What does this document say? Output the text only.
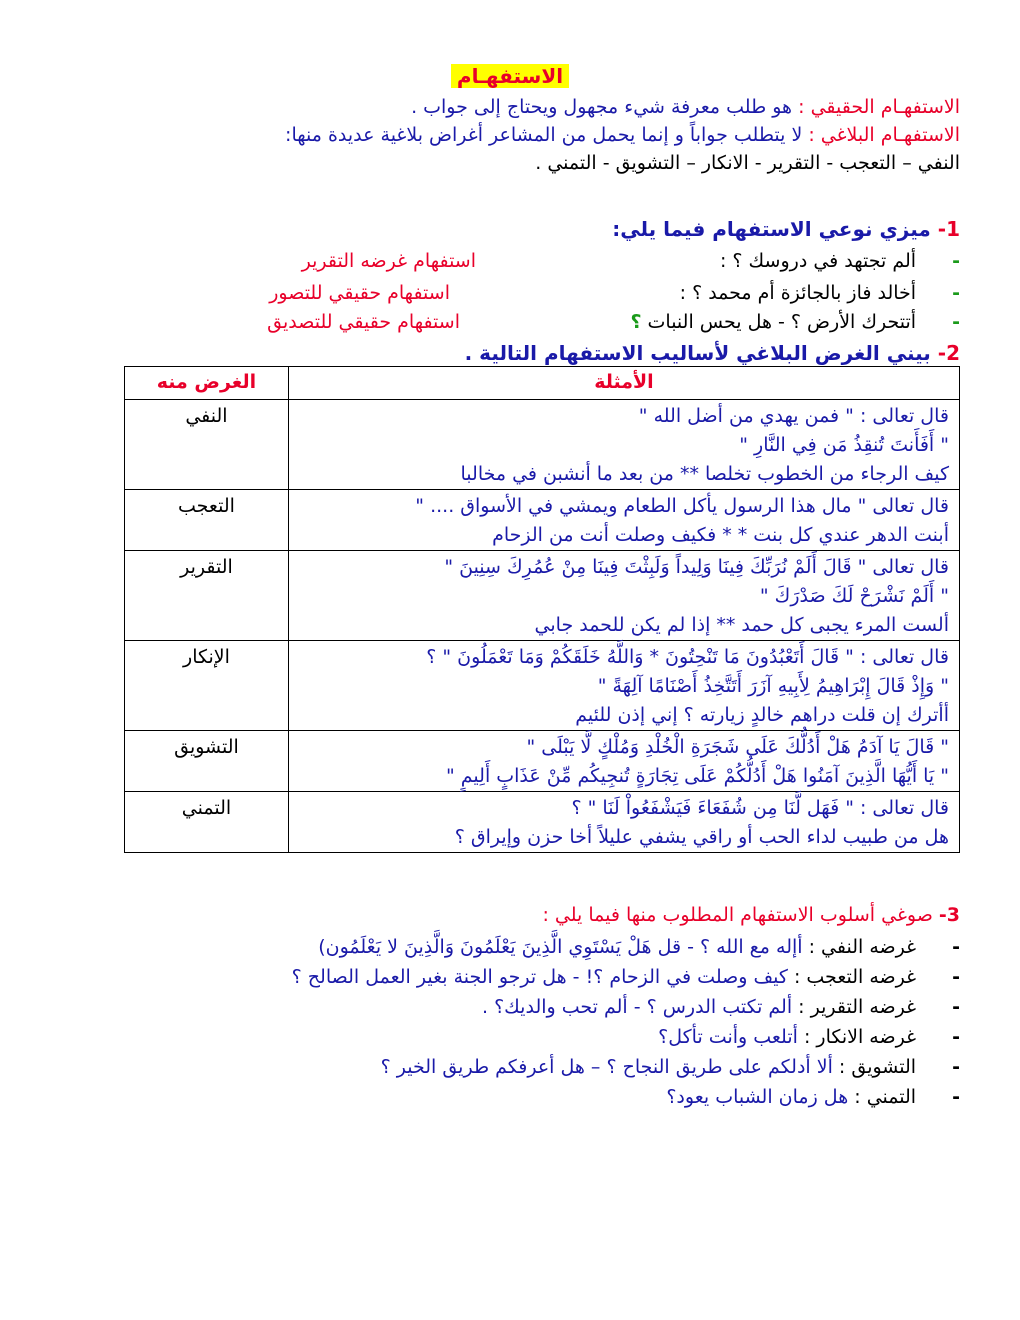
الاستفهـام
الاستفهـام الحقيقي : هو طلب معرفة شيء مجهول ويحتاج إلى جواب .
الاستفهـام البلاغي : لا يتطلب جواباً و إنما يحمل من المشاعر أغراض بلاغية عديدة منها:
النفي – التعجب - التقرير - الانكار – التشويق - التمني .
1- ميزي نوعي الاستفهام فيما يلي:
- ألم تجتهد في دروسك ؟ :
استفهام غرضه التقرير
- أخالد فاز بالجائزة أم محمد ؟ :
استفهام حقيقي للتصور
- أتتحرك الأرض ؟ - هل يحس النبات ؟
استفهام حقيقي للتصديق
2- بيني الغرض البلاغي لأساليب الاستفهام التالية .
الأمثلة	الغرض منه

قال تعالى : " فمن يهدي من أضل الله "
" أَفَأَنتَ تُنقِذُ مَن فِي النَّارِ "
كيف الرجاء من الخطوب تخلصا ** من بعد ما أنشبن في مخالبا	النفي

قال تعالى " مال هذا الرسول يأكل الطعام ويمشي في الأسواق .... "
أبنت الدهر عندي كل بنت * * فكيف وصلت أنت من الزحام	التعجب

قال تعالى " قَالَ أَلَمْ نُرَبِّكَ فِينَا وَلِيداً وَلَبِثْتَ فِينَا مِنْ عُمُرِكَ سِنِينَ "
" أَلَمْ نَشْرَحْ لَكَ صَدْرَكَ "
ألست المرء يجبى كل حمد ** إذا لم يكن للحمد جابي	التقرير

قال تعالى : " قَالَ أَتَعْبُدُونَ مَا تَنْحِتُونَ * وَاللَّهُ خَلَقَكُمْ وَمَا تَعْمَلُونَ " ؟
" وَإِذْ قَالَ إِبْرَاهِيمُ لِأَبِيهِ آزَرَ أَتَتَّخِذُ أَصْنَامًا آلِهَةً "
أأترك إن قلت دراهم خالدٍ زيارته ؟ إني إذن للئيم	الإنكار

" قَالَ يَا آدَمُ هَلْ أَدُلُّكَ عَلَى شَجَرَةِ الْخُلْدِ وَمُلْكٍ لَّا يَبْلَى "
" يَا أَيُّهَا الَّذِينَ آمَنُوا هَلْ أَدُلُّكُمْ عَلَى تِجَارَةٍ تُنجِيكُم مِّنْ عَذَابٍ أَلِيمٍ "	التشويق

قال تعالى : " فَهَل لَّنَا مِن شُفَعَاءَ فَيَشْفَعُواْ لَنَا " ؟
هل من طبيب لداء الحب أو راقي يشفي عليلاً أخا حزن وإيراق ؟	التمني
3- صوغي أسلوب الاستفهام المطلوب منها فيما يلي :
- غرضه النفي : أإله مع الله ؟ - قل هَلْ يَسْتَوِي الَّذِينَ يَعْلَمُونَ وَالَّذِينَ لا يَعْلَمُون)
- غرضه التعجب : كيف وصلت في الزحام ؟! - هل ترجو الجنة بغير العمل الصالح ؟
- غرضه التقرير : ألم تكتب الدرس ؟ - ألم تحب والديك؟ .
- غرضه الانكار : أتلعب وأنت تأكل؟
- التشويق : ألا أدلكم على طريق النجاح ؟ – هل أعرفكم طريق الخير ؟
- التمني : هل زمان الشباب يعود؟
